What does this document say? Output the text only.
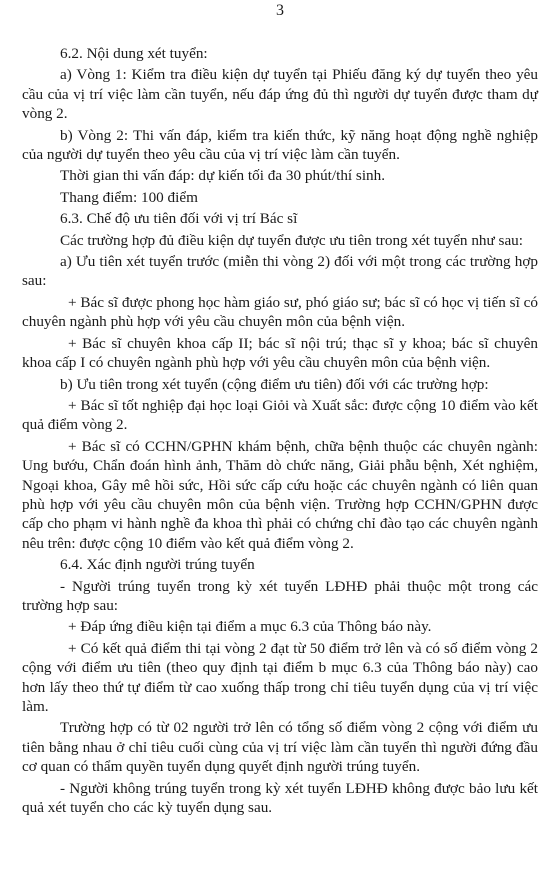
3

6.2. Nội dung xét tuyển:

a) Vòng 1: Kiểm tra điều kiện dự tuyển tại Phiếu đăng ký dự tuyển theo yêu cầu của vị trí việc làm cần tuyển, nếu đáp ứng đủ thì người dự tuyển được tham dự vòng 2.

b) Vòng 2: Thi vấn đáp, kiểm tra kiến thức, kỹ năng hoạt động nghề nghiệp của người dự tuyển theo yêu cầu của vị trí việc làm cần tuyển.

Thời gian thi vấn đáp: dự kiến tối đa 30 phút/thí sinh.

Thang điểm: 100 điểm

6.3. Chế độ ưu tiên đối với vị trí Bác sĩ

Các trường hợp đủ điều kiện dự tuyển được ưu tiên trong xét tuyển như sau:

a) Ưu tiên xét tuyển trước (miễn thi vòng 2) đối với một trong các trường hợp sau:

+ Bác sĩ được phong học hàm giáo sư, phó giáo sư; bác sĩ có học vị tiến sĩ có chuyên ngành phù hợp với yêu cầu chuyên môn của bệnh viện.

+ Bác sĩ chuyên khoa cấp II; bác sĩ nội trú; thạc sĩ y khoa; bác sĩ chuyên khoa cấp I có chuyên ngành phù hợp với yêu cầu chuyên môn của bệnh viện.

b) Ưu tiên trong xét tuyển (cộng điểm ưu tiên) đối với các trường hợp:

+ Bác sĩ tốt nghiệp đại học loại Giỏi và Xuất sắc: được cộng 10 điểm vào kết quả điểm vòng 2.

+ Bác sĩ có CCHN/GPHN khám bệnh, chữa bệnh thuộc các chuyên ngành: Ung bướu, Chẩn đoán hình ảnh, Thăm dò chức năng, Giải phẫu bệnh, Xét nghiệm, Ngoại khoa, Gây mê hồi sức, Hồi sức cấp cứu hoặc các chuyên ngành có liên quan phù hợp với yêu cầu chuyên môn của bệnh viện. Trường hợp CCHN/GPHN được cấp cho phạm vi hành nghề đa khoa thì phải có chứng chỉ đào tạo các chuyên ngành nêu trên: được cộng 10 điểm vào kết quả điểm vòng 2.

6.4. Xác định người trúng tuyển

- Người trúng tuyển trong kỳ xét tuyển LĐHĐ phải thuộc một trong các trường hợp sau:

+ Đáp ứng điều kiện tại điểm a mục 6.3 của Thông báo này.

+ Có kết quả điểm thi tại vòng 2 đạt từ 50 điểm trở lên và có số điểm vòng 2 cộng với điểm ưu tiên (theo quy định tại điểm b mục 6.3 của Thông báo này) cao hơn lấy theo thứ tự điểm từ cao xuống thấp trong chỉ tiêu tuyển dụng của vị trí việc làm.

Trường hợp có từ 02 người trở lên có tổng số điểm vòng 2 cộng với điểm ưu tiên bằng nhau ở chỉ tiêu cuối cùng của vị trí việc làm cần tuyển thì người đứng đầu cơ quan có thẩm quyền tuyển dụng quyết định người trúng tuyển.

- Người không trúng tuyển trong kỳ xét tuyển LĐHĐ không được bảo lưu kết quả xét tuyển cho các kỳ tuyển dụng sau.
